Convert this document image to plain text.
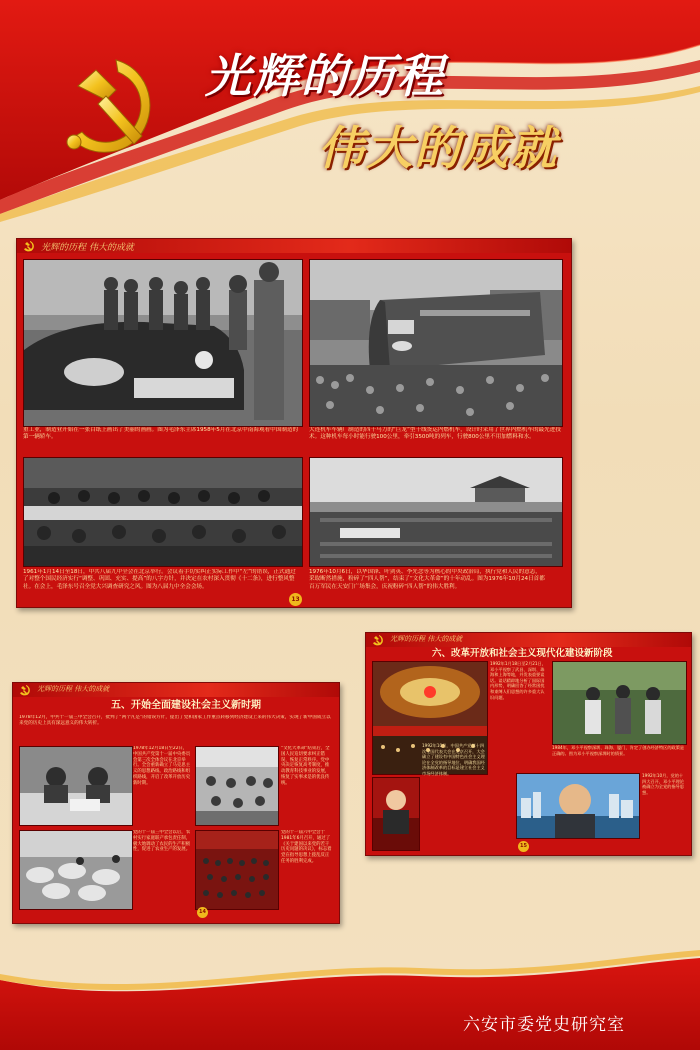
光辉的历程
伟大的成就
光辉的历程 伟大的成就
重工业，制造业开始在一张白纸上画出了美丽的画画。图为毛泽东主席1958年5月在北京中南海观看中国制造的第一辆轿车。
大连机车车辆厂制造的四千马力的“巨龙”型干线货运内燃机车，设计时采用了世界内燃机车的最先进技术。这种机车每小时能行驶100公里，牵引3500吨的列车，行驶800公里不用加燃料和水。
1961年1月14日至18日，中共八届九中全会在北京举行。会议着手切实纠正实际工作中“左”的错误，正式通过了对整个国民经济实行“调整、巩固、充实、提高”的八字方针，并决定在农村深入贯彻《十二条》，进行整风整社。在会上，毛泽东号召全党大兴调查研究之风。图为八届九中全会会场。
1976年10月6日，以华国锋、叶剑英、李先念等为核心的中央政治局，执行党和人民的意志，采取断然措施，粉碎了“四人帮”，结束了“文化大革命”的十年动乱。图为1976年10月24日首都百万军民在天安门广场集会，庆祝粉碎“四人帮”的伟大胜利。
13
光辉的历程 伟大的成就
五、开始全面建设社会主义新时期
1978年12月，中共十一届三中全会召开，批判了“两个凡是”的错误方针，提出了党和国家工作重点转移到经济建设上来的伟大决策，实现了新中国成立以来党的历史上具有深远意义的伟大转折。
1978年12月18日至22日，中国共产党第十一届中央委员会第三次全体会议在北京举行。全会重新确立了马克思主义的思想路线、政治路线和组织路线，开启了改革开放历史新时期。
“文化大革命”结束后，全国人民迫切要求纠正错误，恢复正常秩序。党中央决定恢复高考制度，推动教育科技事业的发展，恢复了实事求是的优良传统。
党的十一届三中全会以后，农村实行家庭联产承包责任制，极大地调动了农民的生产积极性，促进了农业生产的发展。
党的十一届六中全会于1981年6月召开，通过了《关于建国以来党的若干历史问题的决议》，标志着党在指导思想上拨乱反正任务的胜利完成。
14
光辉的历程 伟大的成就
六、改革开放和社会主义现代化建设新阶段
1992年1月18日至2月21日，邓小平视察了武昌、深圳、珠海和上海等地，并发表重要谈话。谈话精辟地分析了国际国内形势，明确回答了经常困扰和束缚人们思想的许多重大认识问题。
1984年，邓小平视察深圳、珠海、厦门，肯定了创办经济特区的政策是正确的。图为邓小平视察深圳时的情景。
1992年10月，中国共产党第十四次全国代表大会在北京召开，大会确立了建设有中国特色社会主义理论在全党的指导地位，明确我国经济体制改革的目标是建立社会主义市场经济体制。	1992年10月，党的十四大召开，邓小平理论被确立为全党的指导思想。
15
六安市委党史研究室
